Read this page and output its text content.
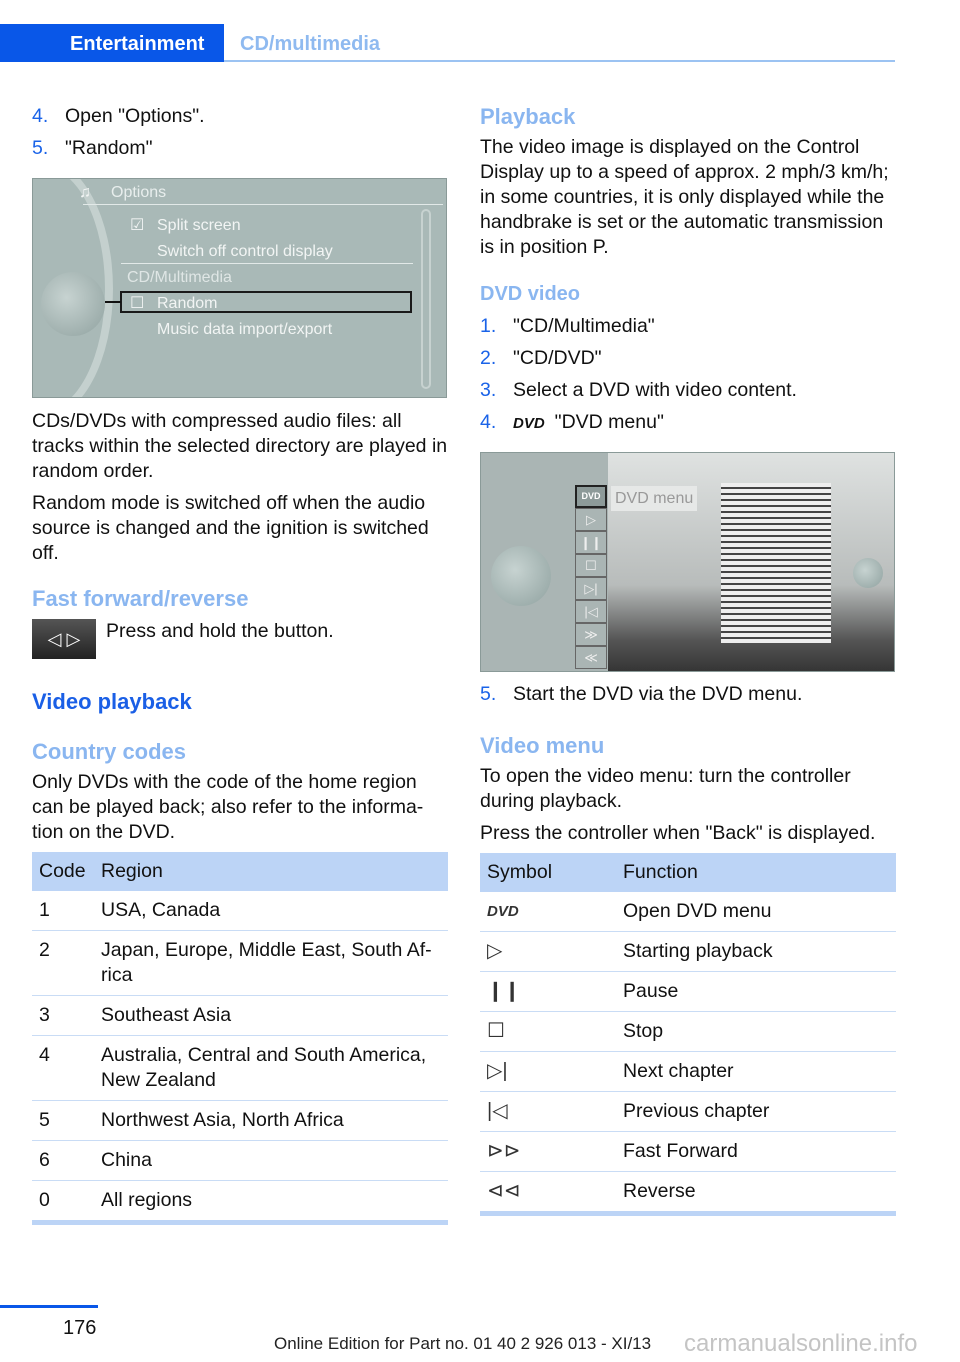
Entertainment	CD/multimedia
4. Open "Options".
5. "Random"
♫ Options
☑ Split screen
Switch off control display
CD/Multimedia
☐ Random
Music data import/export

CDs/DVDs with compressed audio files: all tracks within the selected directory are played in random order.

Random mode is switched off when the audio source is changed and the ignition is switched off.

Fast forward/reverse
◁ ▷	Press and hold the button.
Video playback
Country codes

Only DVDs with the code of the home region can be played back; also refer to the informa‐tion on the DVD.

Code	Region
1	USA, Canada
2	Japan, Europe, Middle East, South Af‐rica
3	Southeast Asia
4	Australia, Central and South America, New Zealand
5	Northwest Asia, North Africa
6	China
0	All regions
Playback

The video image is displayed on the Control Display up to a speed of approx. 2 mph/3 km/h; in some countries, it is only displayed while the handbrake is set or the automatic transmission is in position P.

DVD video
1. "CD/Multimedia"
2. "CD/DVD"
3. Select a DVD with video content.
4. DVD "DVD menu"
DVD
▷
❙❙
☐
▷|
|◁
≫
≪
DVD menu
5. Start the DVD via the DVD menu.
Video menu

To open the video menu: turn the controller during playback.

Press the controller when "Back" is displayed.

Symbol	Function
DVD	Open DVD menu
▷	Starting playback
❙❙	Pause
☐	Stop
▷|	Next chapter
|◁	Previous chapter
⊳⊳	Fast Forward
⊲⊲	Reverse
176
Online Edition for Part no. 01 40 2 926 013 - XI/13 carmanualsonline.info
